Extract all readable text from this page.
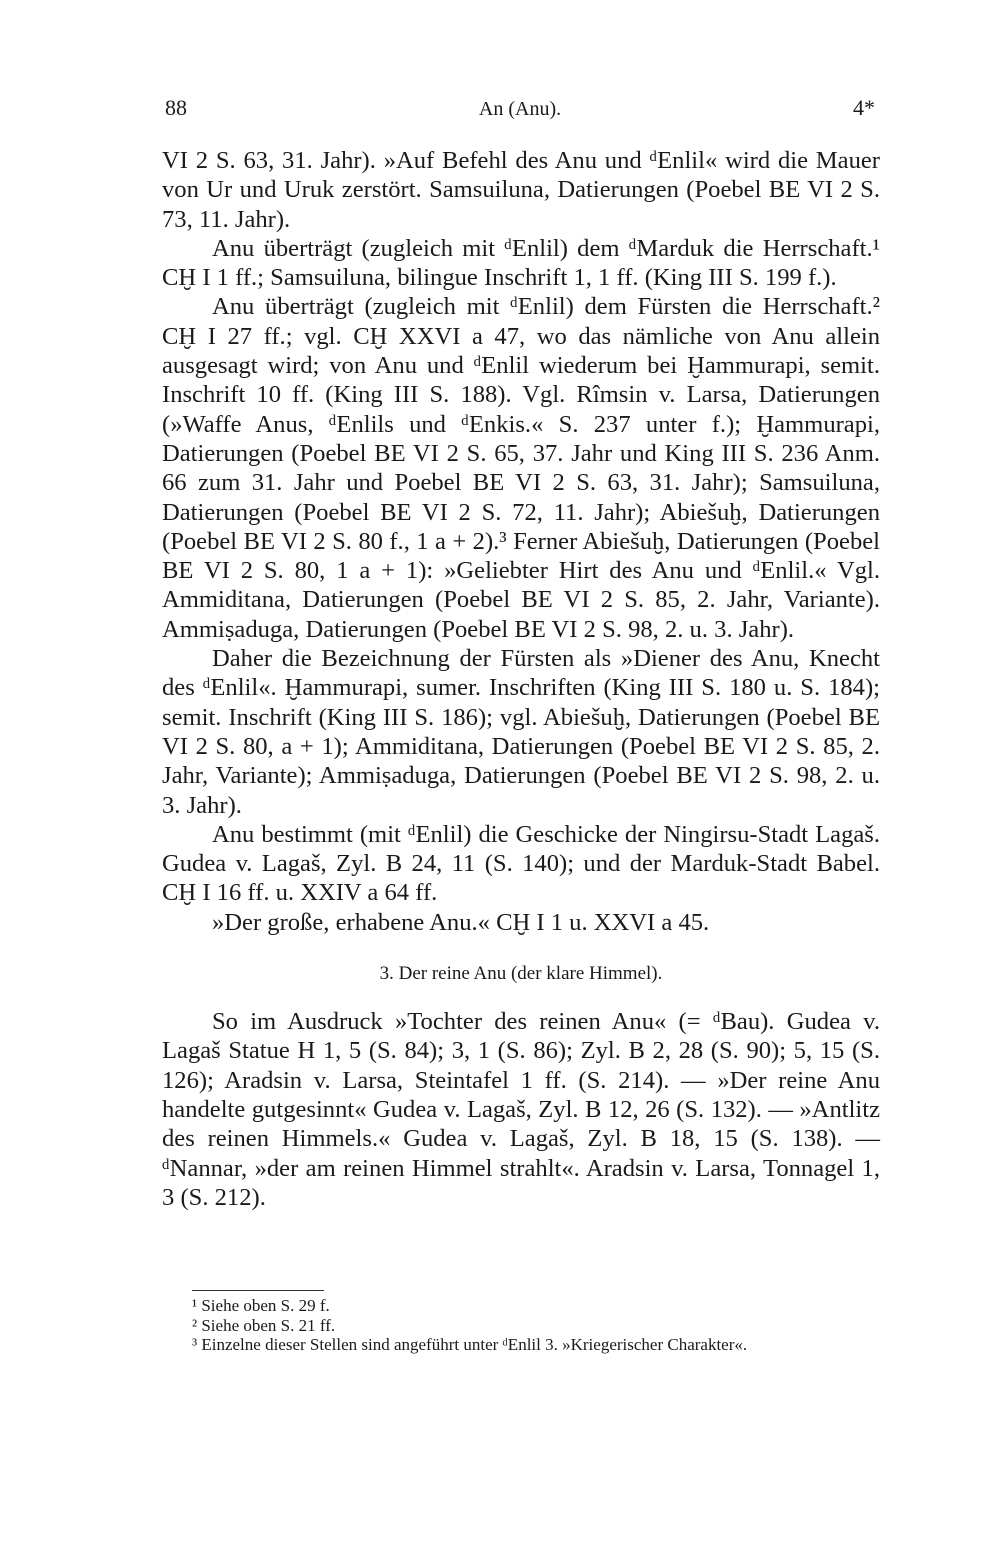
88	An (Anu).	4*

VI 2 S. 63, 31. Jahr). »Auf Befehl des Anu und ᵈEnlil« wird die Mauer von Ur und Uruk zerstört. Samsuiluna, Datierungen (Poebel BE VI 2 S. 73, 11. Jahr).

Anu überträgt (zugleich mit ᵈEnlil) dem ᵈMarduk die Herrschaft.¹ CḪ I 1 ff.; Samsuiluna, bilingue Inschrift 1, 1 ff. (King III S. 199 f.).

Anu überträgt (zugleich mit ᵈEnlil) dem Fürsten die Herrschaft.² CḪ I 27 ff.; vgl. CḪ XXVI a 47, wo das nämliche von Anu allein ausgesagt wird; von Anu und ᵈEnlil wiederum bei Ḫammurapi, semit. Inschrift 10 ff. (King III S. 188). Vgl. Rîmsin v. Larsa, Datierungen (»Waffe Anus, ᵈEnlils und ᵈEnkis.« S. 237 unter f.); Ḫammurapi, Datierungen (Poebel BE VI 2 S. 65, 37. Jahr und King III S. 236 Anm. 66 zum 31. Jahr und Poebel BE VI 2 S. 63, 31. Jahr); Samsuiluna, Datierungen (Poebel BE VI 2 S. 72, 11. Jahr); Abiešuḫ, Datierungen (Poebel BE VI 2 S. 80 f., 1 a + 2).³ Ferner Abiešuḫ, Datierungen (Poebel BE VI 2 S. 80, 1 a + 1): »Geliebter Hirt des Anu und ᵈEnlil.« Vgl. Ammiditana, Datierungen (Poebel BE VI 2 S. 85, 2. Jahr, Variante). Ammiṣaduga, Datierungen (Poebel BE VI 2 S. 98, 2. u. 3. Jahr).

Daher die Bezeichnung der Fürsten als »Diener des Anu, Knecht des ᵈEnlil«. Ḫammurapi, sumer. Inschriften (King III S. 180 u. S. 184); semit. Inschrift (King III S. 186); vgl. Abiešuḫ, Datierungen (Poebel BE VI 2 S. 80, a + 1); Ammiditana, Datierungen (Poebel BE VI 2 S. 85, 2. Jahr, Variante); Ammiṣaduga, Datierungen (Poebel BE VI 2 S. 98, 2. u. 3. Jahr).

Anu bestimmt (mit ᵈEnlil) die Geschicke der Ningirsu-Stadt Lagaš. Gudea v. Lagaš, Zyl. B 24, 11 (S. 140); und der Marduk-Stadt Babel. CḪ I 16 ff. u. XXIV a 64 ff.

»Der große, erhabene Anu.« CḪ I 1 u. XXVI a 45.

3. Der reine Anu (der klare Himmel).

So im Ausdruck »Tochter des reinen Anu« (= ᵈBau). Gudea v. Lagaš Statue H 1, 5 (S. 84); 3, 1 (S. 86); Zyl. B 2, 28 (S. 90); 5, 15 (S. 126); Aradsin v. Larsa, Steintafel 1 ff. (S. 214). — »Der reine Anu handelte gutgesinnt« Gudea v. Lagaš, Zyl. B 12, 26 (S. 132). — »Antlitz des reinen Himmels.« Gudea v. Lagaš, Zyl. B 18, 15 (S. 138). — ᵈNannar, »der am reinen Himmel strahlt«. Aradsin v. Larsa, Tonnagel 1, 3 (S. 212).

¹ Siehe oben S. 29 f.

² Siehe oben S. 21 ff.

³ Einzelne dieser Stellen sind angeführt unter ᵈEnlil 3. »Kriegerischer Charakter«.
